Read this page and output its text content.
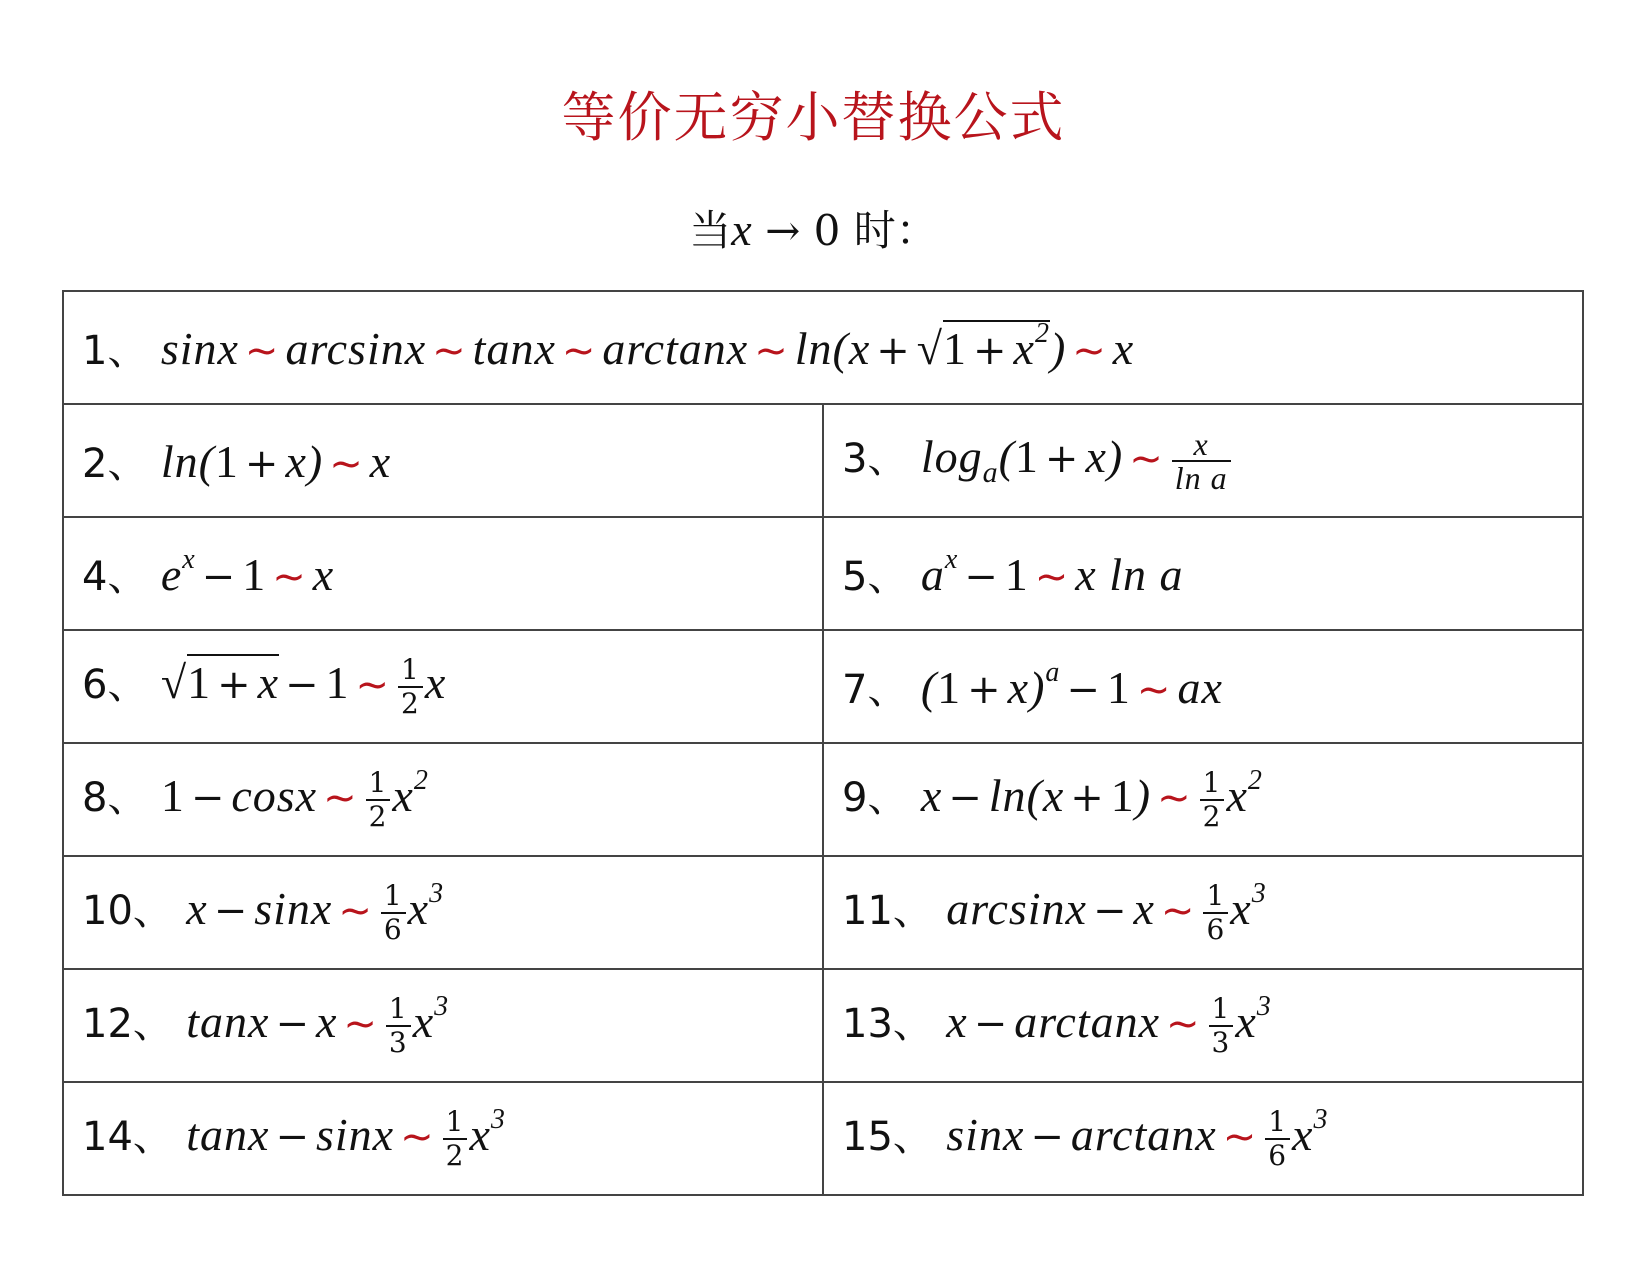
等价无穷小替换公式
当x → 0 时：
1、 sinx ~ arcsinx ~ tanx ~ arctanx ~ $\ln(x + √1 + x^2)$ ~ x	
2、 ln(1 + x) ~ x	3、 $\log_a(1 + x)$ ~ $\frac{x}{\text{ln a}}$

4、 $e^x - 1$ ~ x	5、 $a^x - 1$ ~ x ln a
6、 √1 + x − 1 ~ $\frac{1}{2}$ x	7、 $(1 + x)^a - 1$ ~ ax
8、 1 − cosx ~ $\frac{1}{2} x^2$	9、 x − ln(x + 1) ~ $\frac{1}{2} x^2$
10、 x − sinx ~ $\frac{1}{6} x^3$	11、 arcsinx − x ~ $\frac{1}{6} x^3$
12、 tanx − x ~ $\frac{1}{3} x^3$	13、 x − arctanx ~ $\frac{1}{3} x^3$
14、 tanx − sinx ~ $\frac{1}{2} x^3$	15、 sinx − arctanx ~ $\frac{1}{6} x^3$
